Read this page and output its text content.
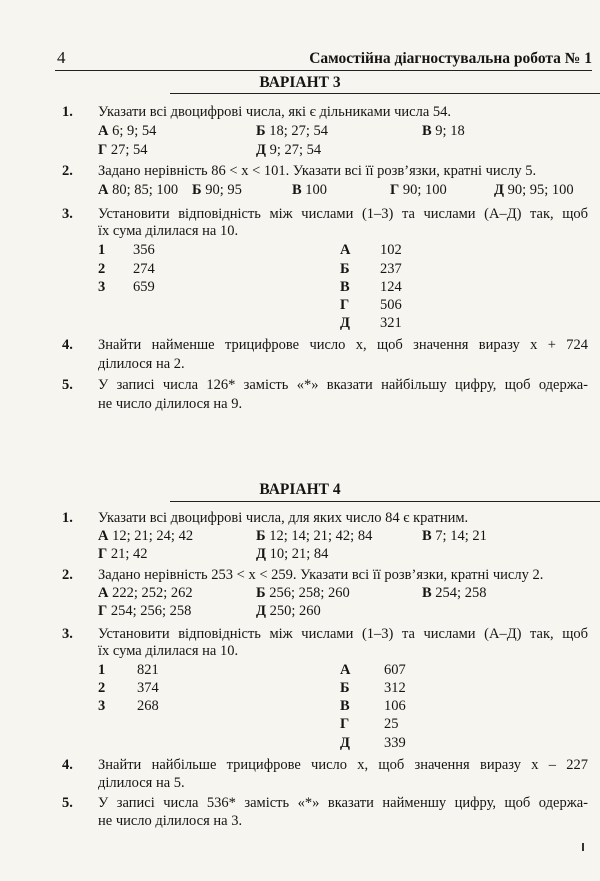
4	Самостійна діагностувальна робота № 1
ВАРІАНТ 3
1. Указати всі двоцифрові числа, які є дільниками числа 54.
А 6; 9; 54	Б 18; 27; 54	В 9; 18
Г 27; 54	Д 9; 27; 54
2. Задано нерівність 86 < x < 101. Указати всі її розв’язки, кратні числу 5.
А 80; 85; 100 Б 90; 95	В 100	Г 90; 100	Д 90; 95; 100
3. Установити відповідність між числами (1–3) та числами (А–Д) так, щоб
їх сума ділилася на 10.
1 356
2 274
3 659
А 102
Б 237
В 124
Г 506
Д 321
4. Знайти найменше трицифрове число x, щоб значення виразу x + 724
ділилося на 2.
5. У записі числа 126* замість «*» вказати найбільшу цифру, щоб одержа-
не число ділилося на 9.
ВАРІАНТ 4
1. Указати всі двоцифрові числа, для яких число 84 є кратним.
А 12; 21; 24; 42	Б 12; 14; 21; 42; 84	В 7; 14; 21
Г 21; 42	Д 10; 21; 84
2. Задано нерівність 253 < x < 259. Указати всі її розв’язки, кратні числу 2.
А 222; 252; 262	Б 256; 258; 260	В 254; 258
Г 254; 256; 258	Д 250; 260
3. Установити відповідність між числами (1–3) та числами (А–Д) так, щоб
їх сума ділилася на 10.
1 821
2 374
3 268
А 607
Б 312
В 106
Г 25
Д 339
4. Знайти найбільше трицифрове число x, щоб значення виразу x – 227
ділилося на 5.
5. У записі числа 536* замість «*» вказати найменшу цифру, щоб одержа-
не число ділилося на 3.
